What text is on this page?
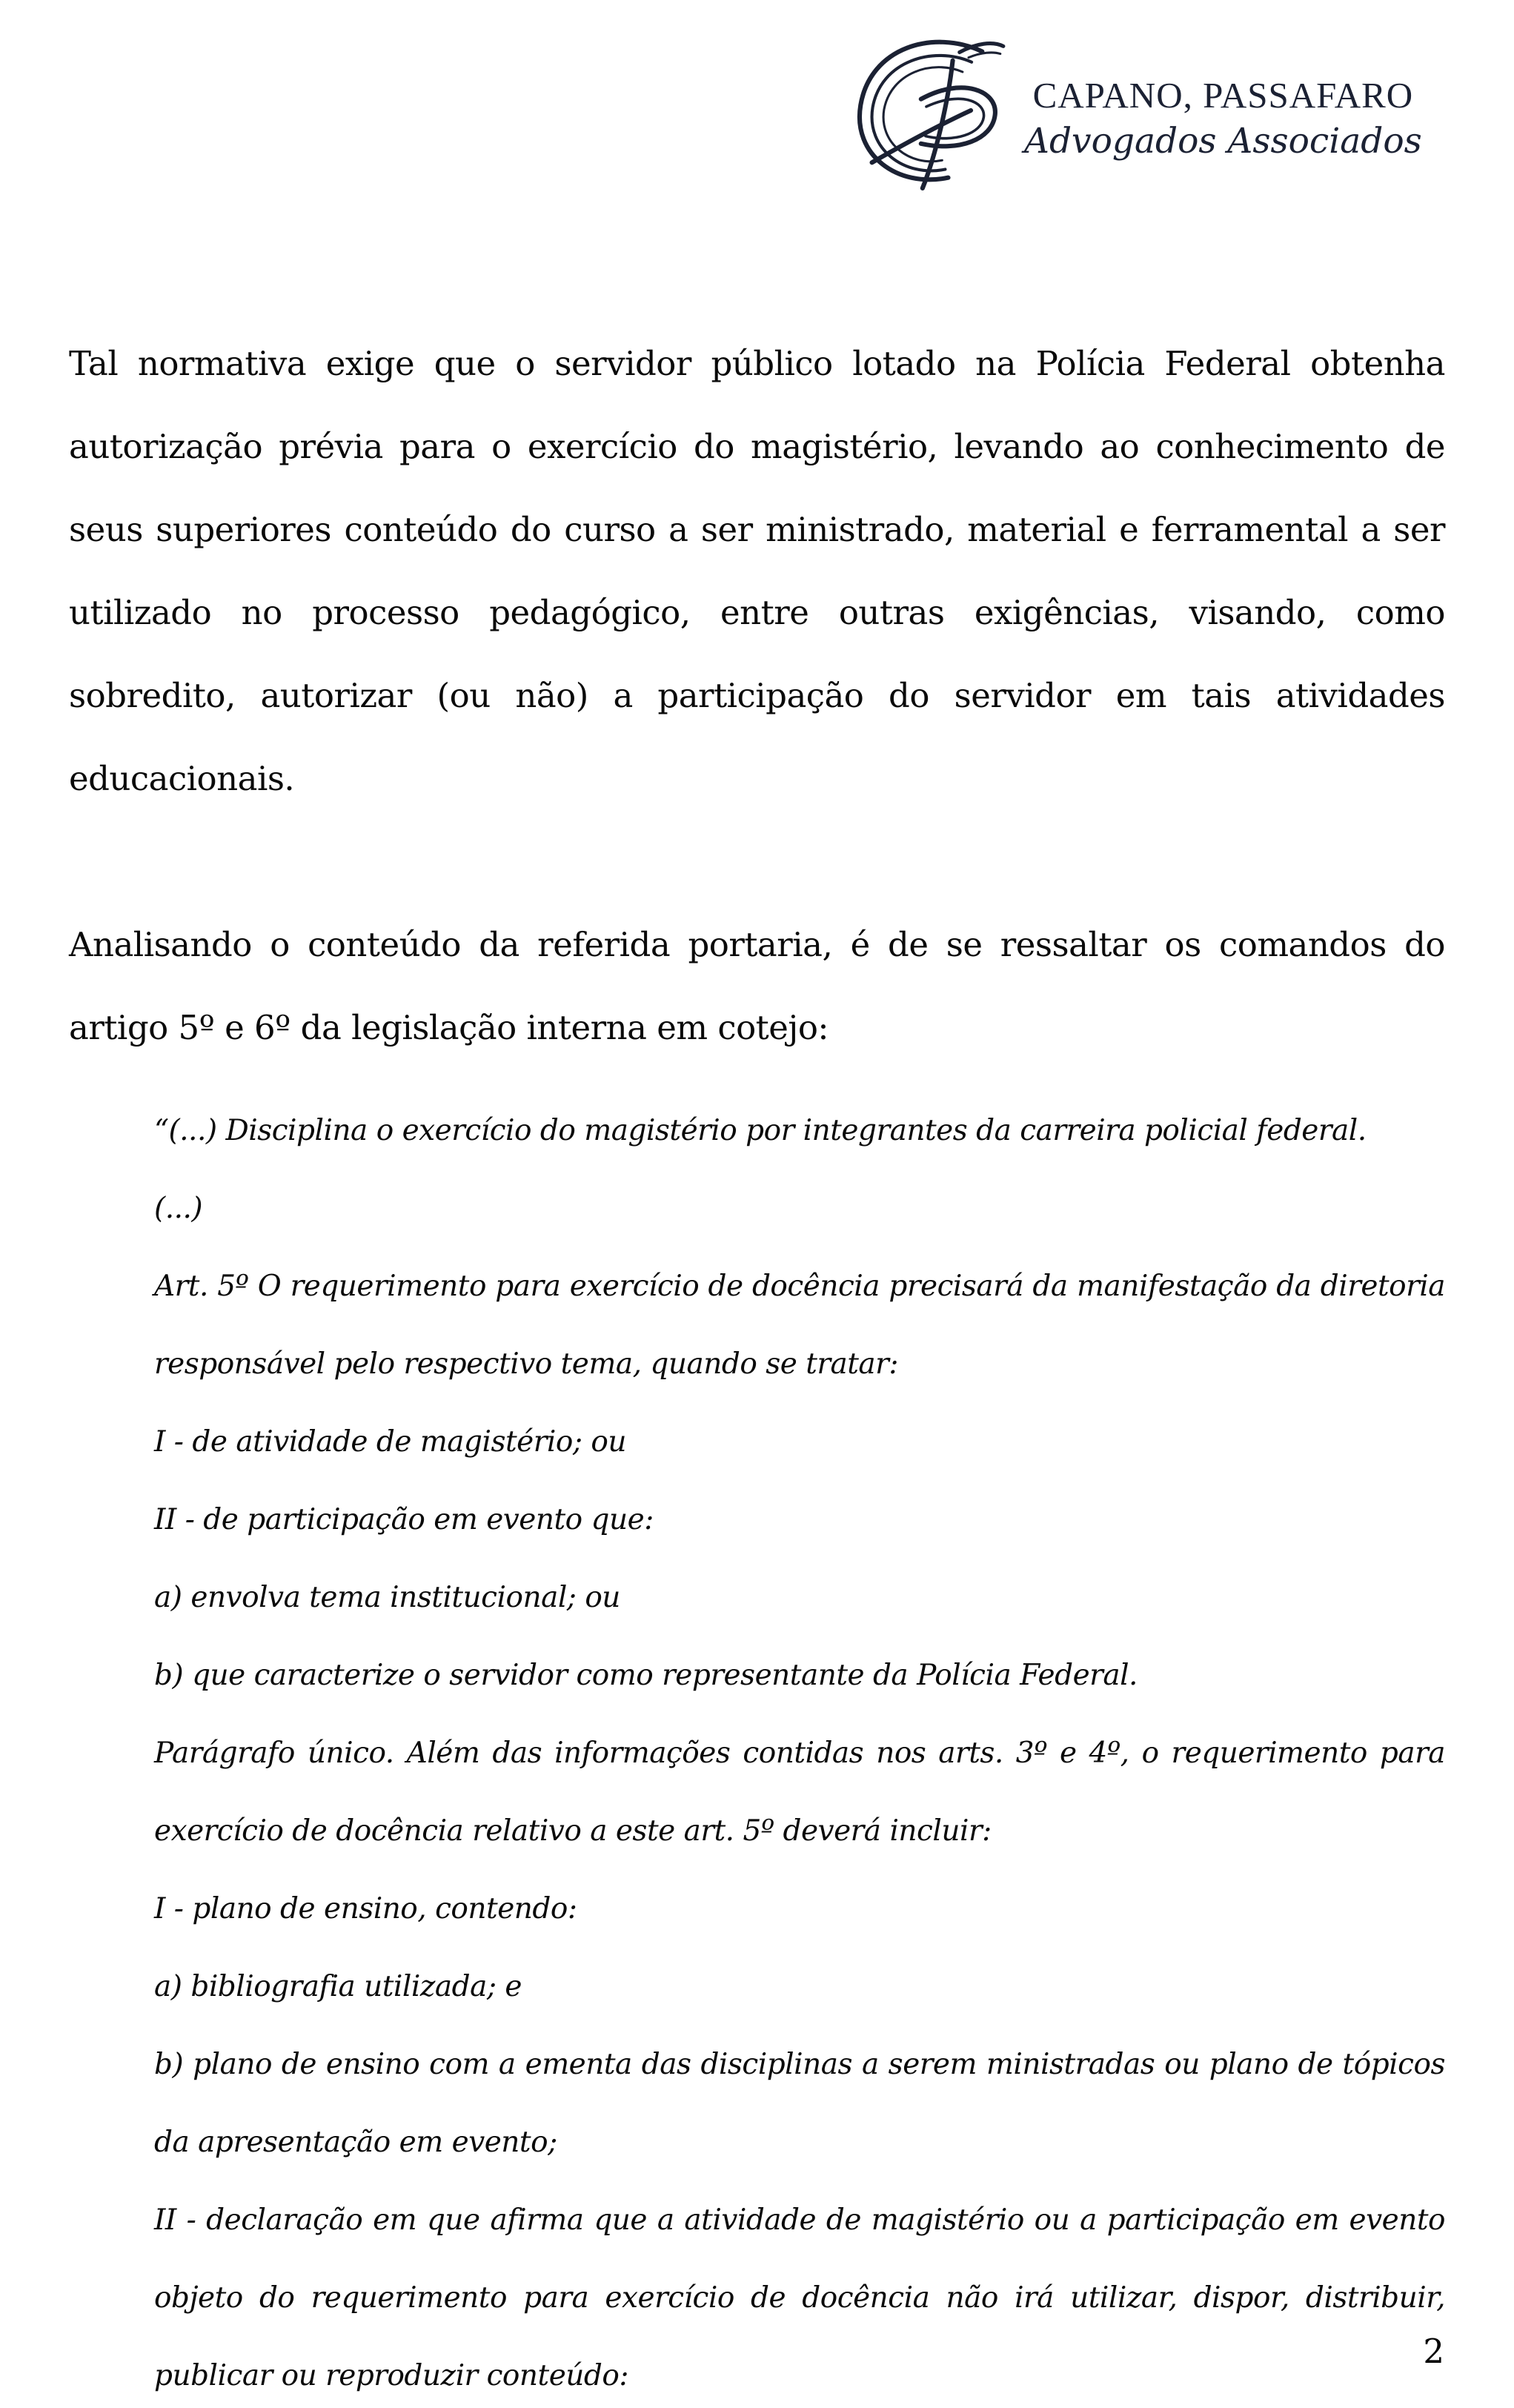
CAPANO, PASSAFARO
Advogados Associados

Tal normativa exige que o servidor público lotado na Polícia Federal obtenha autorização prévia para o exercício do magistério, levando ao conhecimento de seus superiores conteúdo do curso a ser ministrado, material e ferramental a ser utilizado no processo pedagógico, entre outras exigências, visando, como sobredito, autorizar (ou não) a participação do servidor em tais atividades educacionais.

Analisando o conteúdo da referida portaria, é de se ressaltar os comandos do artigo 5º e 6º da legislação interna em cotejo:

“(...) Disciplina o exercício do magistério por integrantes da carreira policial federal.

(...)

Art. 5º O requerimento para exercício de docência precisará da manifestação da diretoria responsável pelo respectivo tema, quando se tratar:

I - de atividade de magistério; ou

II - de participação em evento que:

a) envolva tema institucional; ou

b) que caracterize o servidor como representante da Polícia Federal.

Parágrafo único. Além das informações contidas nos arts. 3º e 4º, o requerimento para exercício de docência relativo a este art. 5º deverá incluir:

I - plano de ensino, contendo:

a) bibliografia utilizada; e

b) plano de ensino com a ementa das disciplinas a serem ministradas ou plano de tópicos da apresentação em evento;

II - declaração em que afirma que a atividade de magistério ou a participação em evento objeto do requerimento para exercício de docência não irá utilizar, dispor, distribuir, publicar ou reproduzir conteúdo:

2
